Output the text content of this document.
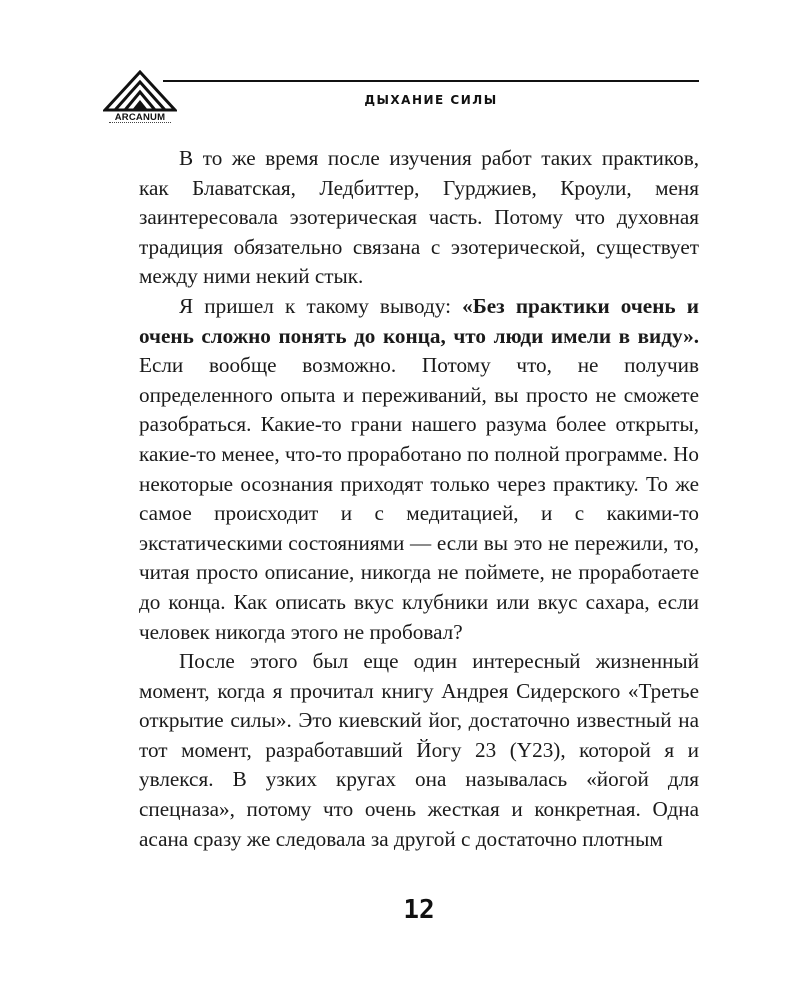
ARCANUM
ДЫХАНИЕ СИЛЫ

В то же время после изучения работ таких практиков, как Блаватская, Ледбиттер, Гурджиев, Кроули, меня заинтересовала эзотерическая часть. Потому что духовная традиция обязательно связана с эзотерической, существует между ними некий стык.

Я пришел к такому выводу: «Без практики очень и очень сложно понять до конца, что люди имели в виду». Если вообще возможно. Потому что, не получив определенного опыта и переживаний, вы просто не сможете разобраться. Какие-то грани нашего разума более открыты, какие-то менее, что-то проработано по полной программе. Но некоторые осознания приходят только через практику. То же самое происходит и с медитацией, и с какими-то экстатическими состояниями — если вы это не пережили, то, читая просто описание, никогда не поймете, не проработаете до конца. Как описать вкус клубники или вкус сахара, если человек никогда этого не пробовал?

После этого был еще один интересный жизненный момент, когда я прочитал книгу Андрея Сидерского «Третье открытие силы». Это киевский йог, достаточно известный на тот момент, разработавший Йогу 23 (Y23), которой я и увлекся. В узких кругах она называлась «йогой для спецназа», потому что очень жесткая и конкретная. Одна асана сразу же следовала за другой с достаточно плотным

12
